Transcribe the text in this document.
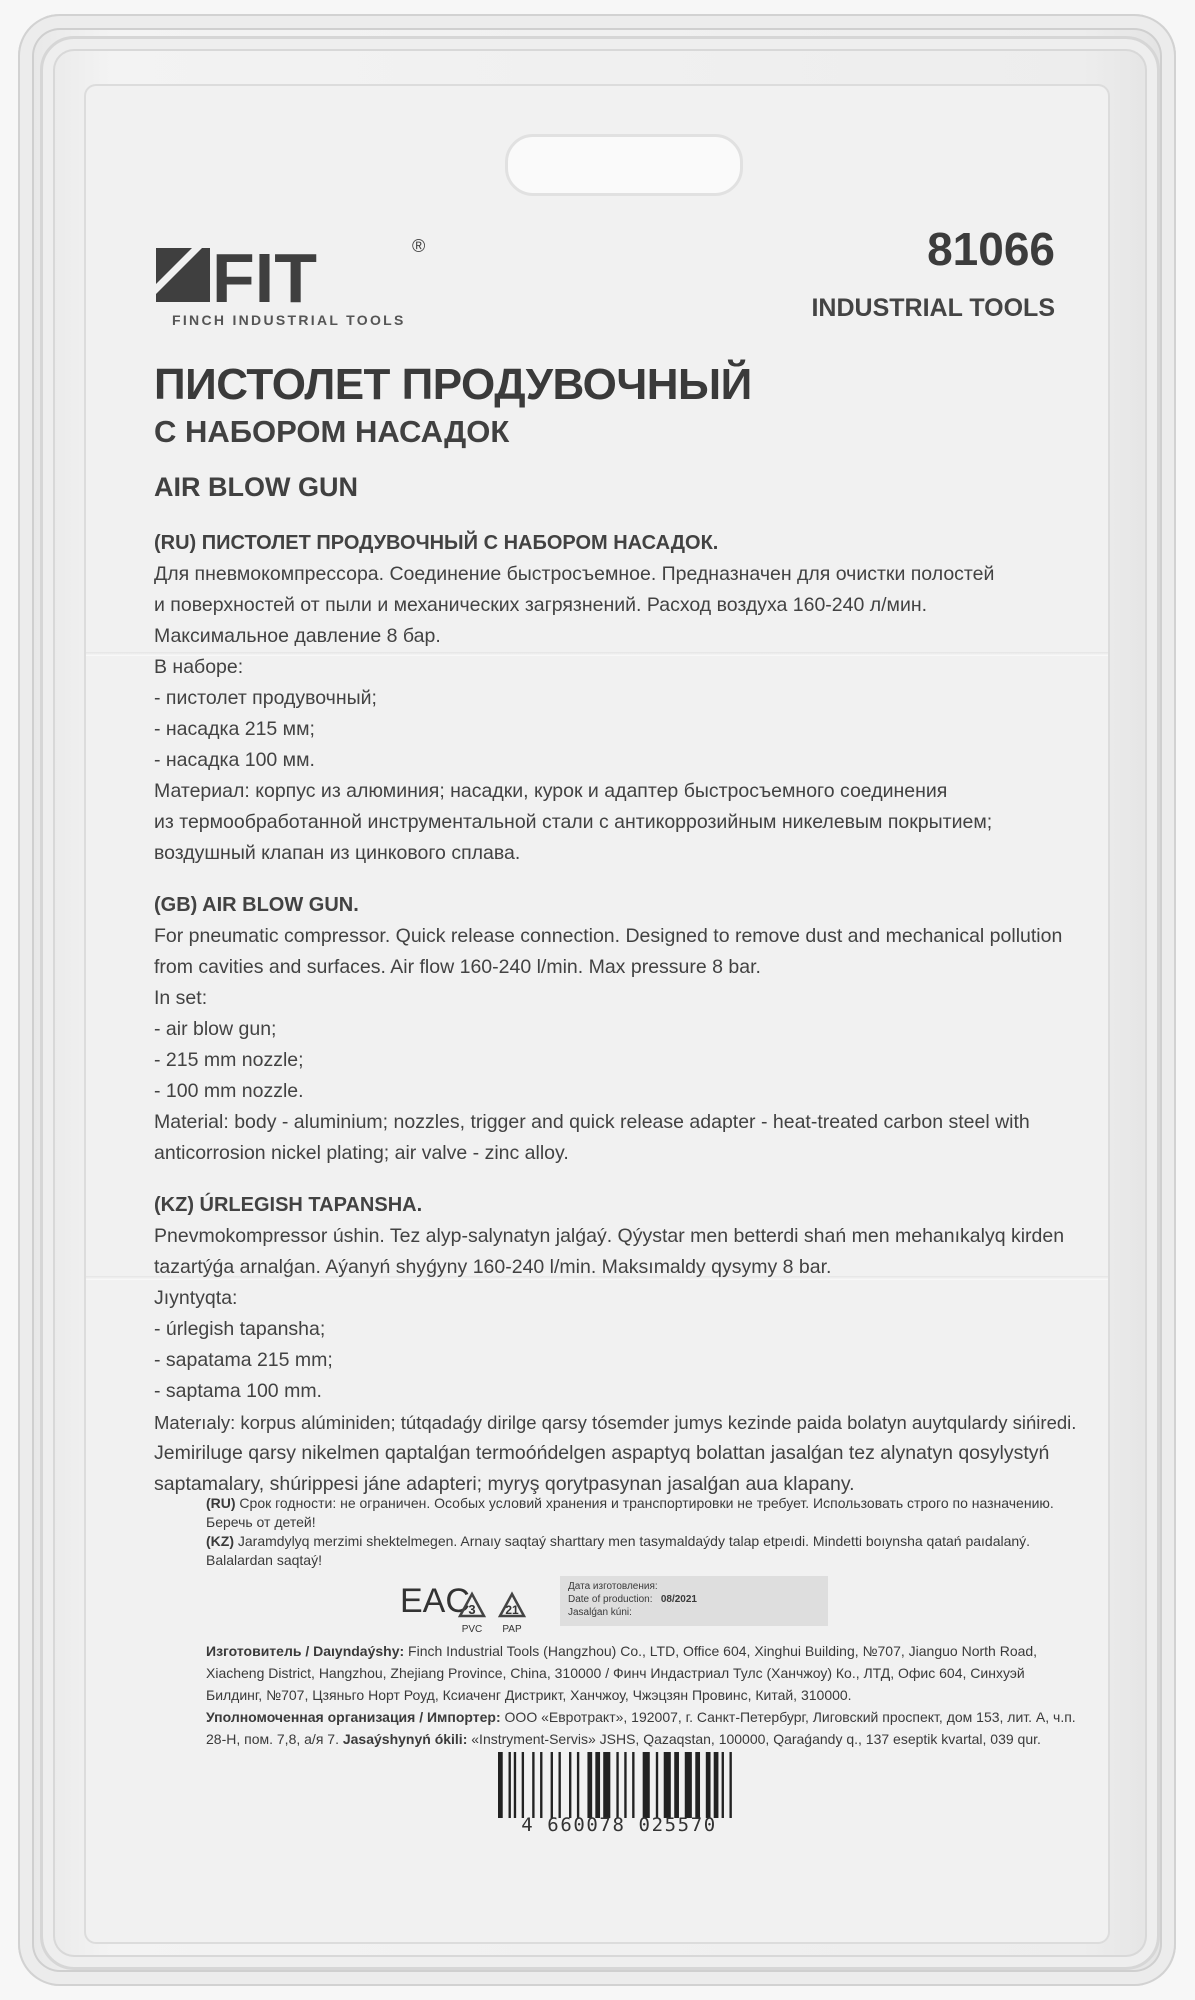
FIT	®
FINCH INDUSTRIAL TOOLS
81066
INDUSTRIAL TOOLS
ПИСТОЛЕТ ПРОДУВОЧНЫЙ
С НАБОРОМ НАСАДОК
AIR BLOW GUN
(RU) ПИСТОЛЕТ ПРОДУВОЧНЫЙ С НАБОРОМ НАСАДОК.
Для пневмокомпрессора. Соединение быстросъемное. Предназначен для очистки полостей
и поверхностей от пыли и механических загрязнений. Расход воздуха 160-240 л/мин.
Максимальное давление 8 бар.
В наборе:
- пистолет продувочный;
- насадка 215 мм;
- насадка 100 мм.
Материал: корпус из алюминия; насадки, курок и адаптер быстросъемного соединения
из термообработанной инструментальной стали с антикоррозийным никелевым покрытием;
воздушный клапан из цинкового сплава.
(GB) AIR BLOW GUN.
For pneumatic compressor. Quick release connection. Designed to remove dust and mechanical pollution
from cavities and surfaces. Air flow 160-240 l/min. Max pressure 8 bar.
In set:
- air blow gun;
- 215 mm nozzle;
- 100 mm nozzle.
Material: body - aluminium; nozzles, trigger and quick release adapter - heat-treated carbon steel with
anticorrosion nickel plating; air valve - zinc alloy.
(KZ) ÚRLEGISH TAPANSHA.
Pnevmokompressor úshіn. Tez alyp-salynatyn jalǵaý. Qýystar men betterdi shań men mehanıkalyq kirden
tazartýǵa arnalǵan. Aýanyń shyǵyny 160-240 l/mіn. Maksımaldy qysymy 8 bar.
Jıyntyqta:
- úrlegish tapansha;
- sapatama 215 mm;
- saptama 100 mm.
Materıaly: korpus alúminiden; tútqadaǵy dirilge qarsy tósemder jumys kezinde paida bolatyn auytqulardy sińiredі.
Jemiriluge qarsy nikelmen qaptalǵan termoóńdelgen aspaptyq bolattan jasalǵan tez alynatyn qosylystyń
saptamalary, shúrippesi jáne adapteri; myryş qorytpasynan jasalǵan aua klapany.
(RU) Срок годности: не ограничен. Особых условий хранения и транспортировки не требует. Использовать строго по назначению.
Беречь от детей!
(KZ) Jaramdylyq merzimi shektelmegen. Arnaıy saqtaý sharttary men tasymaldaýdy talap etpeıdі. Mindetti boıynsha qatań paıdalaný.
Balalardan saqtaý!
EAC
3
PVC
21
PAP
Дата изготовления:
Date of production: 08/2021
Jasalǵan kúni:
Изготовитель / Daıyndaýshy: Finch Industrial Tools (Hangzhou) Co., LTD, Office 604, Xinghui Building, №707, Jianguo North Road,
Xiacheng District, Hangzhou, Zhejiang Province, China, 310000 / Финч Индастриал Тулс (Ханчжоу) Ко., ЛТД, Офис 604, Синхуэй
Билдинг, №707, Цзяньго Норт Роуд, Ксиаченг Дистрикт, Ханчжоу, Чжэцзян Провинс, Китай, 310000.
Уполномоченная организация / Импортер: ООО «Евротракт», 192007, г. Санкт-Петербург, Лиговский проспект, дом 153, лит. А, ч.п.
28-Н, пом. 7,8, а/я 7. Jasaýshynyń ókіlі: «Instryment-Servis» JSHS, Qazaqstan, 100000, Qaraǵandy q., 137 eseptik kvartal, 039 qur.
4 660078 025570
